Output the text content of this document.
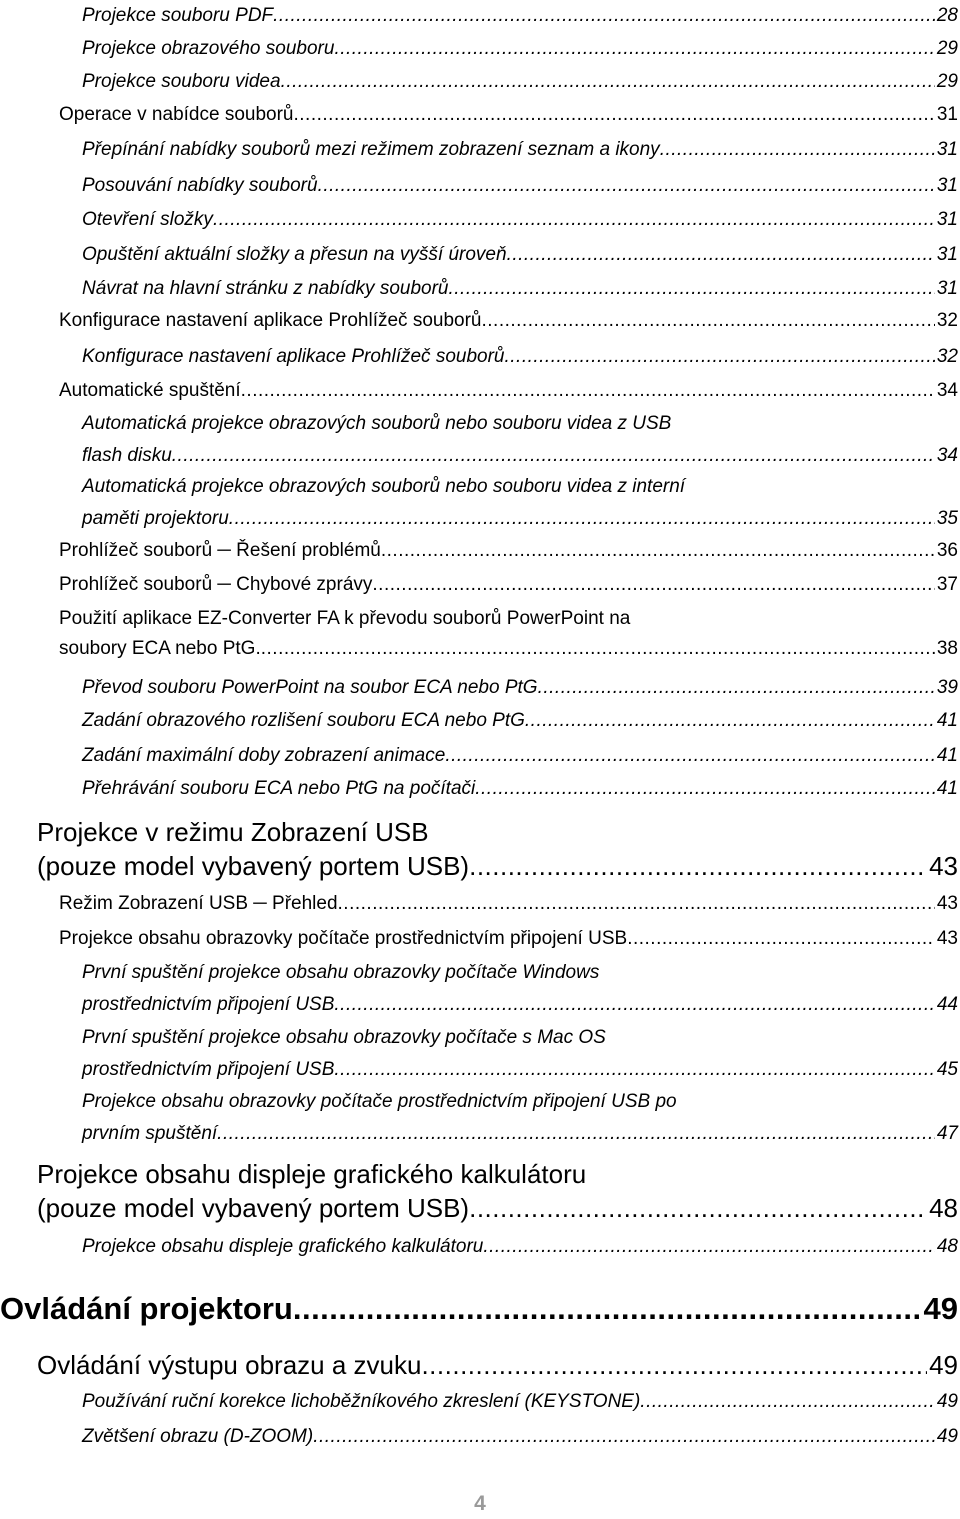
Projekce souboru PDF .....	28
Projekce obrazového souboru .....	29
Projekce souboru videa .....	29
Operace v nabídce souborů .....	31
Přepínání nabídky souborů mezi režimem zobrazení seznam a ikony .....	31
Posouvání nabídky souborů .....	31
Otevření složky .....	31
Opuštění aktuální složky a přesun na vyšší úroveň .....	31
Návrat na hlavní stránku z nabídky souborů .....	31
Konfigurace nastavení aplikace Prohlížeč souborů .....	32
Konfigurace nastavení aplikace Prohlížeč souborů .....	32
Automatické spuštění .....	34
Automatická projekce obrazových souborů nebo souboru videa z USB
flash disku .....	34
Automatická projekce obrazových souborů nebo souboru videa z interní
paměti projektoru .....	35
Prohlížeč souborů ─ Řešení problémů .....	36
Prohlížeč souborů ─ Chybové zprávy .....	37
Použití aplikace EZ-Converter FA k převodu souborů PowerPoint na
soubory ECA nebo PtG. .....	38
Převod souboru PowerPoint na soubor ECA nebo PtG .....	39
Zadání obrazového rozlišení souboru ECA nebo PtG .....	41
Zadání maximální doby zobrazení animace .....	41
Přehrávání souboru ECA nebo PtG na počítači .....	41
Projekce v režimu Zobrazení USB
(pouze model vybavený portem USB) .....	43
Režim Zobrazení USB ─ Přehled .....	43
Projekce obsahu obrazovky počítače prostřednictvím připojení USB .....	43
První spuštění projekce obsahu obrazovky počítače Windows
prostřednictvím připojení USB .....	44
První spuštění projekce obsahu obrazovky počítače s Mac OS
prostřednictvím připojení USB .....	45
Projekce obsahu obrazovky počítače prostřednictvím připojení USB po
prvním spuštění .....	47
Projekce obsahu displeje grafického kalkulátoru
(pouze model vybavený portem USB) .....	48
Projekce obsahu displeje grafického kalkulátoru .....	48
Ovládání projektoru .....	49
Ovládání výstupu obrazu a zvuku .....	49
Používání ruční korekce lichoběžníkového zkreslení (KEYSTONE) .....	49
Zvětšení obrazu (D-ZOOM) .....	49
4
